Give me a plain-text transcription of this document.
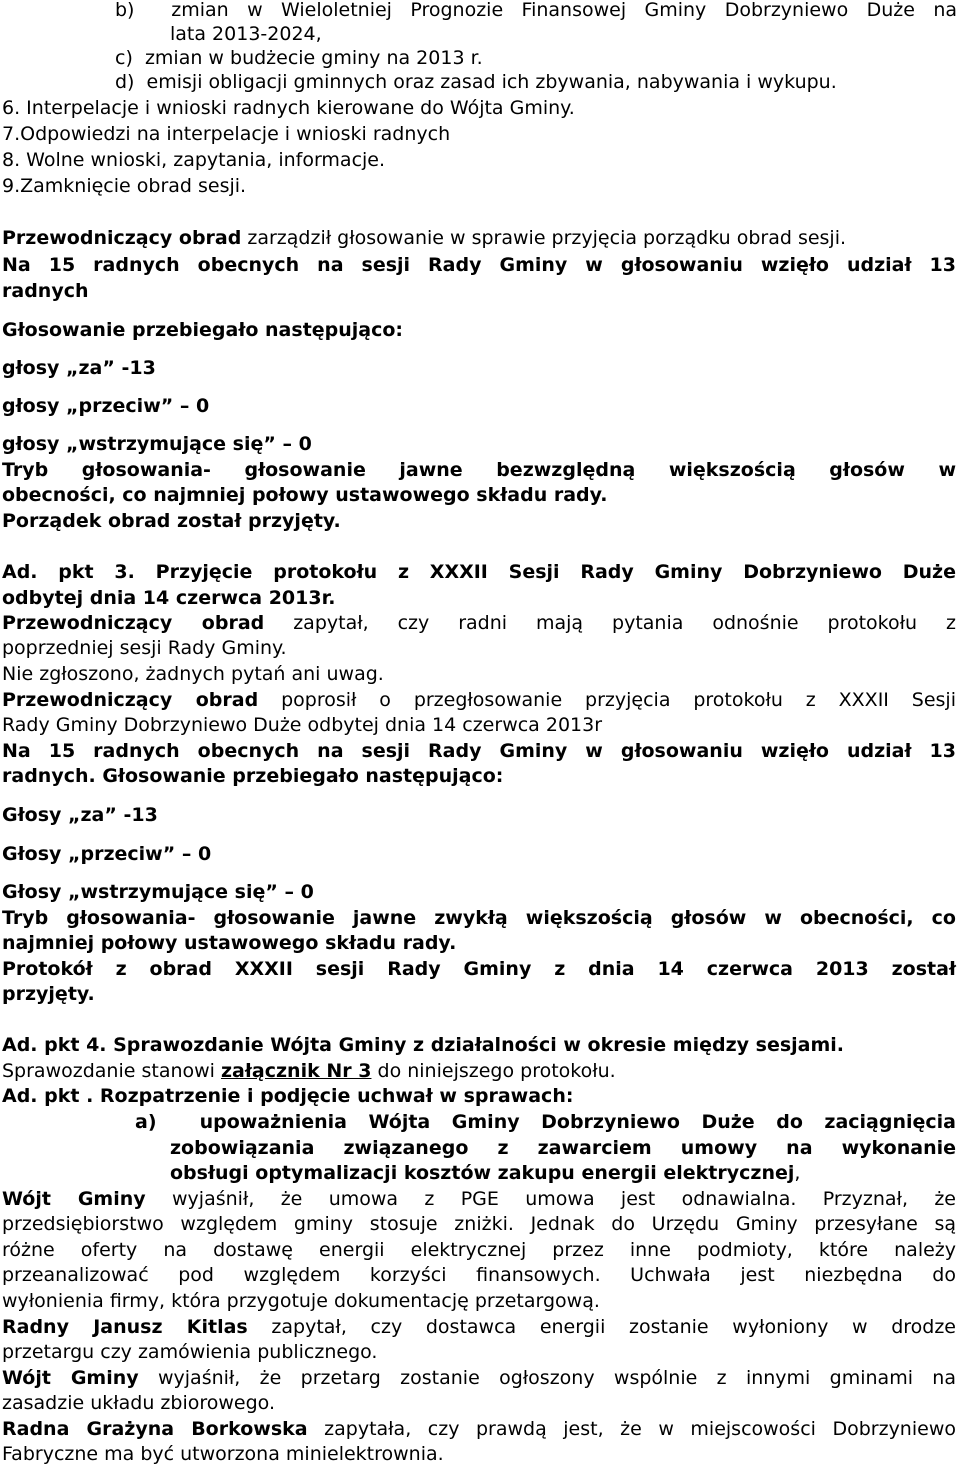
b)  zmian w Wieloletniej Prognozie Finansowej Gminy Dobrzyniewo Duże na
lata 2013-2024,
c)  zmian w budżecie gminy na 2013 r.
d)  emisji obligacji gminnych oraz zasad ich zbywania, nabywania i wykupu.
6. Interpelacje i wnioski radnych kierowane do Wójta Gminy.
7.Odpowiedzi na interpelacje i wnioski radnych
8. Wolne wnioski, zapytania, informacje.
9.Zamknięcie obrad sesji.
Przewodniczący obrad zarządził głosowanie w sprawie przyjęcia porządku obrad sesji.
Na 15 radnych obecnych na sesji Rady Gminy w głosowaniu wzięło udział 13
radnych
Głosowanie przebiegało następująco:
głosy „za” -13
głosy „przeciw” – 0
głosy „wstrzymujące się” – 0
Tryb głosowania- głosowanie jawne bezwzględną większością głosów w
obecności, co najmniej połowy ustawowego składu rady.
Porządek obrad został przyjęty.
Ad. pkt 3. Przyjęcie protokołu z XXXII Sesji Rady Gminy Dobrzyniewo Duże
odbytej dnia 14 czerwca 2013r.
Przewodniczący obrad zapytał, czy radni mają pytania odnośnie protokołu z
poprzedniej sesji Rady Gminy.
Nie zgłoszono, żadnych pytań ani uwag.
Przewodniczący obrad poprosił o przegłosowanie przyjęcia protokołu z XXXII Sesji
Rady Gminy Dobrzyniewo Duże odbytej dnia 14 czerwca 2013r
Na 15 radnych obecnych na sesji Rady Gminy w głosowaniu wzięło udział 13
radnych. Głosowanie przebiegało następująco:
Głosy „za” -13
Głosy „przeciw” – 0
Głosy „wstrzymujące się” – 0
Tryb głosowania- głosowanie jawne zwykłą większością głosów w obecności, co
najmniej połowy ustawowego składu rady.
Protokół z obrad XXXII sesji Rady Gminy z dnia 14 czerwca 2013 został
przyjęty.
Ad. pkt 4. Sprawozdanie Wójta Gminy z działalności w okresie między sesjami.
Sprawozdanie stanowi załącznik Nr 3 do niniejszego protokołu.
Ad. pkt . Rozpatrzenie i podjęcie uchwał w sprawach:
a)  upoważnienia Wójta Gminy Dobrzyniewo Duże do zaciągnięcia
zobowiązania związanego z zawarciem umowy na wykonanie
obsługi optymalizacji kosztów zakupu energii elektrycznej,
Wójt Gminy wyjaśnił, że umowa z PGE umowa jest odnawialna. Przyznał, że
przedsiębiorstwo względem gminy stosuje zniżki. Jednak do Urzędu Gminy przesyłane są
różne oferty na dostawę energii elektrycznej przez inne podmioty, które należy
przeanalizować pod względem korzyści finansowych. Uchwała jest niezbędna do
wyłonienia firmy, która przygotuje dokumentację przetargową.
Radny Janusz Kitlas zapytał, czy dostawca energii zostanie wyłoniony w drodze
przetargu czy zamówienia publicznego.
Wójt Gminy wyjaśnił, że przetarg zostanie ogłoszony wspólnie z innymi gminami na
zasadzie układu zbiorowego.
Radna Grażyna Borkowska zapytała, czy prawdą jest, że w miejscowości Dobrzyniewo
Fabryczne ma być utworzona minielektrownia.
